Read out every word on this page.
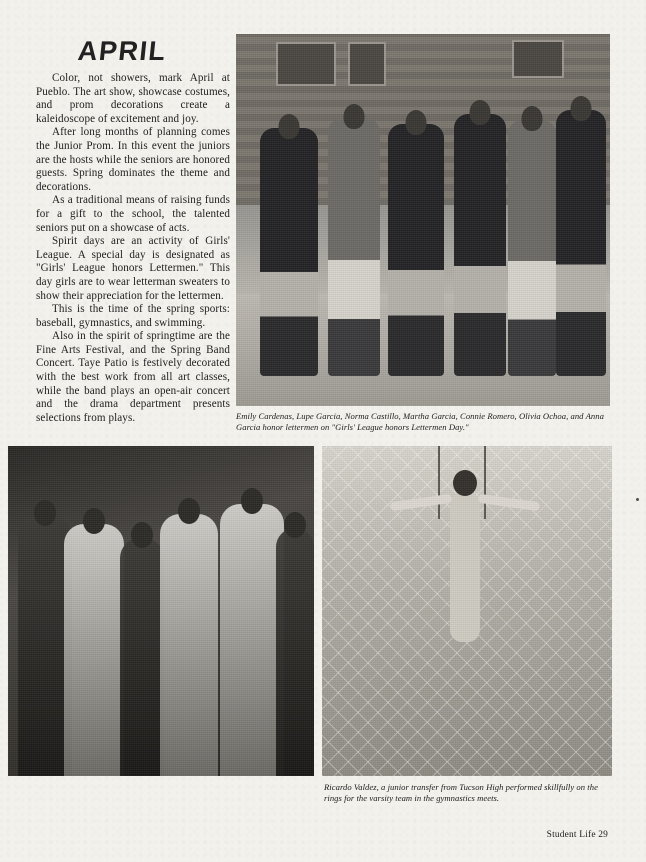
APRIL

Color, not showers, mark April at Pueblo. The art show, showcase costumes, and prom decorations create a kaleidoscope of excitement and joy.

After long months of planning comes the Junior Prom. In this event the juniors are the hosts while the seniors are honored guests. Spring dominates the theme and decorations.

As a traditional means of raising funds for a gift to the school, the talented seniors put on a showcase of acts.

Spirit days are an activity of Girls' League. A special day is designated as "Girls' League honors Lettermen." This day girls are to wear letterman sweaters to show their appreciation for the lettermen.

This is the time of the spring sports: baseball, gymnastics, and swimming.

Also in the spirit of springtime are the Fine Arts Festival, and the Spring Band Concert. Taye Patio is festively decorated with the best work from all art classes, while the band plays an open-air concert and the drama department presents selections from plays.	Emily Cardenas, Lupe Garcia, Norma Castillo, Martha Garcia, Connie Romero, Olivia Ochoa, and Anna Garcia honor lettermen on "Girls' League honors Lettermen Day."
Ricardo Valdez, a junior transfer from Tucson High performed skillfully on the rings for the varsity team in the gymnastics meets.
Student Life 29
